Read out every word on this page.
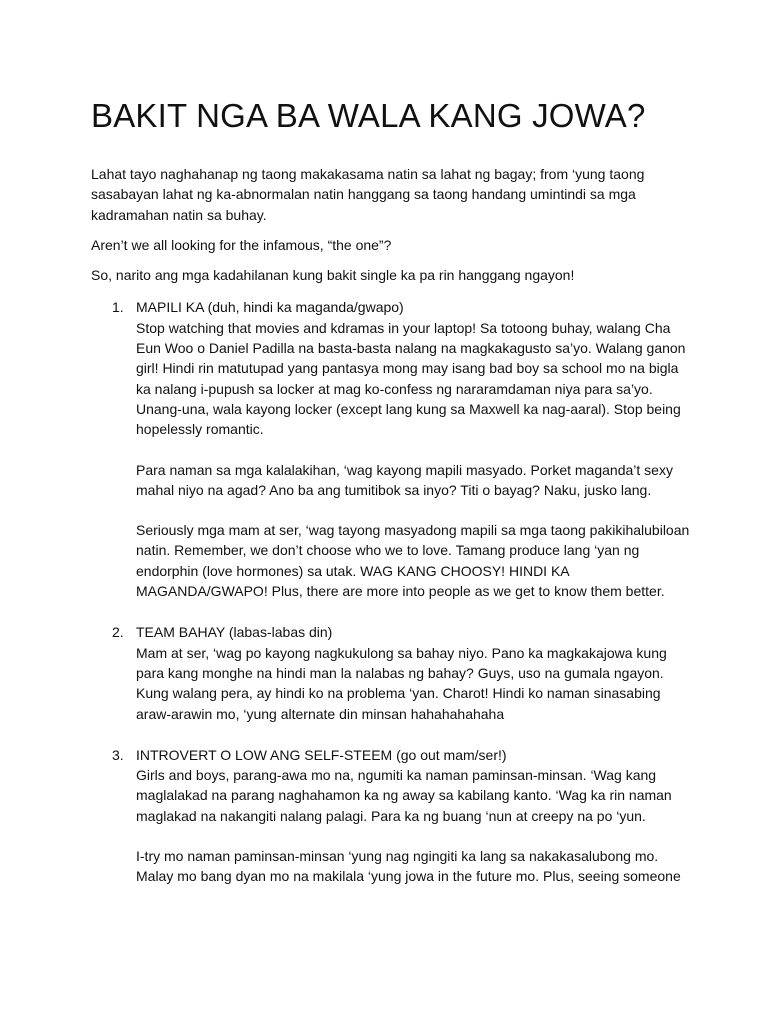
BAKIT NGA BA WALA KANG JOWA?

Lahat tayo naghahanap ng taong makakasama natin sa lahat ng bagay; from ‘yung taong sasabayan lahat ng ka-abnormalan natin hanggang sa taong handang umintindi sa mga kadramahan natin sa buhay.

Aren’t we all looking for the infamous, “the one”?

So, narito ang mga kadahilanan kung bakit single ka pa rin hanggang ngayon!

1. MAPILI KA (duh, hindi ka maganda/gwapo)
Stop watching that movies and kdramas in your laptop! Sa totoong buhay, walang Cha Eun Woo o Daniel Padilla na basta-basta nalang na magkakagusto sa’yo. Walang ganon girl! Hindi rin matutupad yang pantasya mong may isang bad boy sa school mo na bigla ka nalang i-pupush sa locker at mag ko-confess ng nararamdaman niya para sa’yo. Unang-una, wala kayong locker (except lang kung sa Maxwell ka nag-aaral). Stop being hopelessly romantic.

Para naman sa mga kalalakihan, ‘wag kayong mapili masyado. Porket maganda’t sexy mahal niyo na agad? Ano ba ang tumitibok sa inyo? Titi o bayag? Naku, jusko lang.

Seriously mga mam at ser, ‘wag tayong masyadong mapili sa mga taong pakikihalubiloan natin. Remember, we don’t choose who we to love. Tamang produce lang ‘yan ng endorphin (love hormones) sa utak. WAG KANG CHOOSY! HINDI KA MAGANDA/GWAPO! Plus, there are more into people as we get to know them better.

2. TEAM BAHAY (labas-labas din)
Mam at ser, ‘wag po kayong nagkukulong sa bahay niyo. Pano ka magkakajowa kung para kang monghe na hindi man la nalabas ng bahay? Guys, uso na gumala ngayon. Kung walang pera, ay hindi ko na problema ‘yan. Charot! Hindi ko naman sinasabing araw-arawin mo, ‘yung alternate din minsan hahahahahaha

3. INTROVERT O LOW ANG SELF-STEEM (go out mam/ser!)
Girls and boys, parang-awa mo na, ngumiti ka naman paminsan-minsan. ‘Wag kang maglalakad na parang naghahamon ka ng away sa kabilang kanto. ‘Wag ka rin naman maglakad na nakangiti nalang palagi. Para ka ng buang ‘nun at creepy na po ‘yun.

I-try mo naman paminsan-minsan ‘yung nag ngingiti ka lang sa nakakasalubong mo. Malay mo bang dyan mo na makilala ‘yung jowa in the future mo. Plus, seeing someone
